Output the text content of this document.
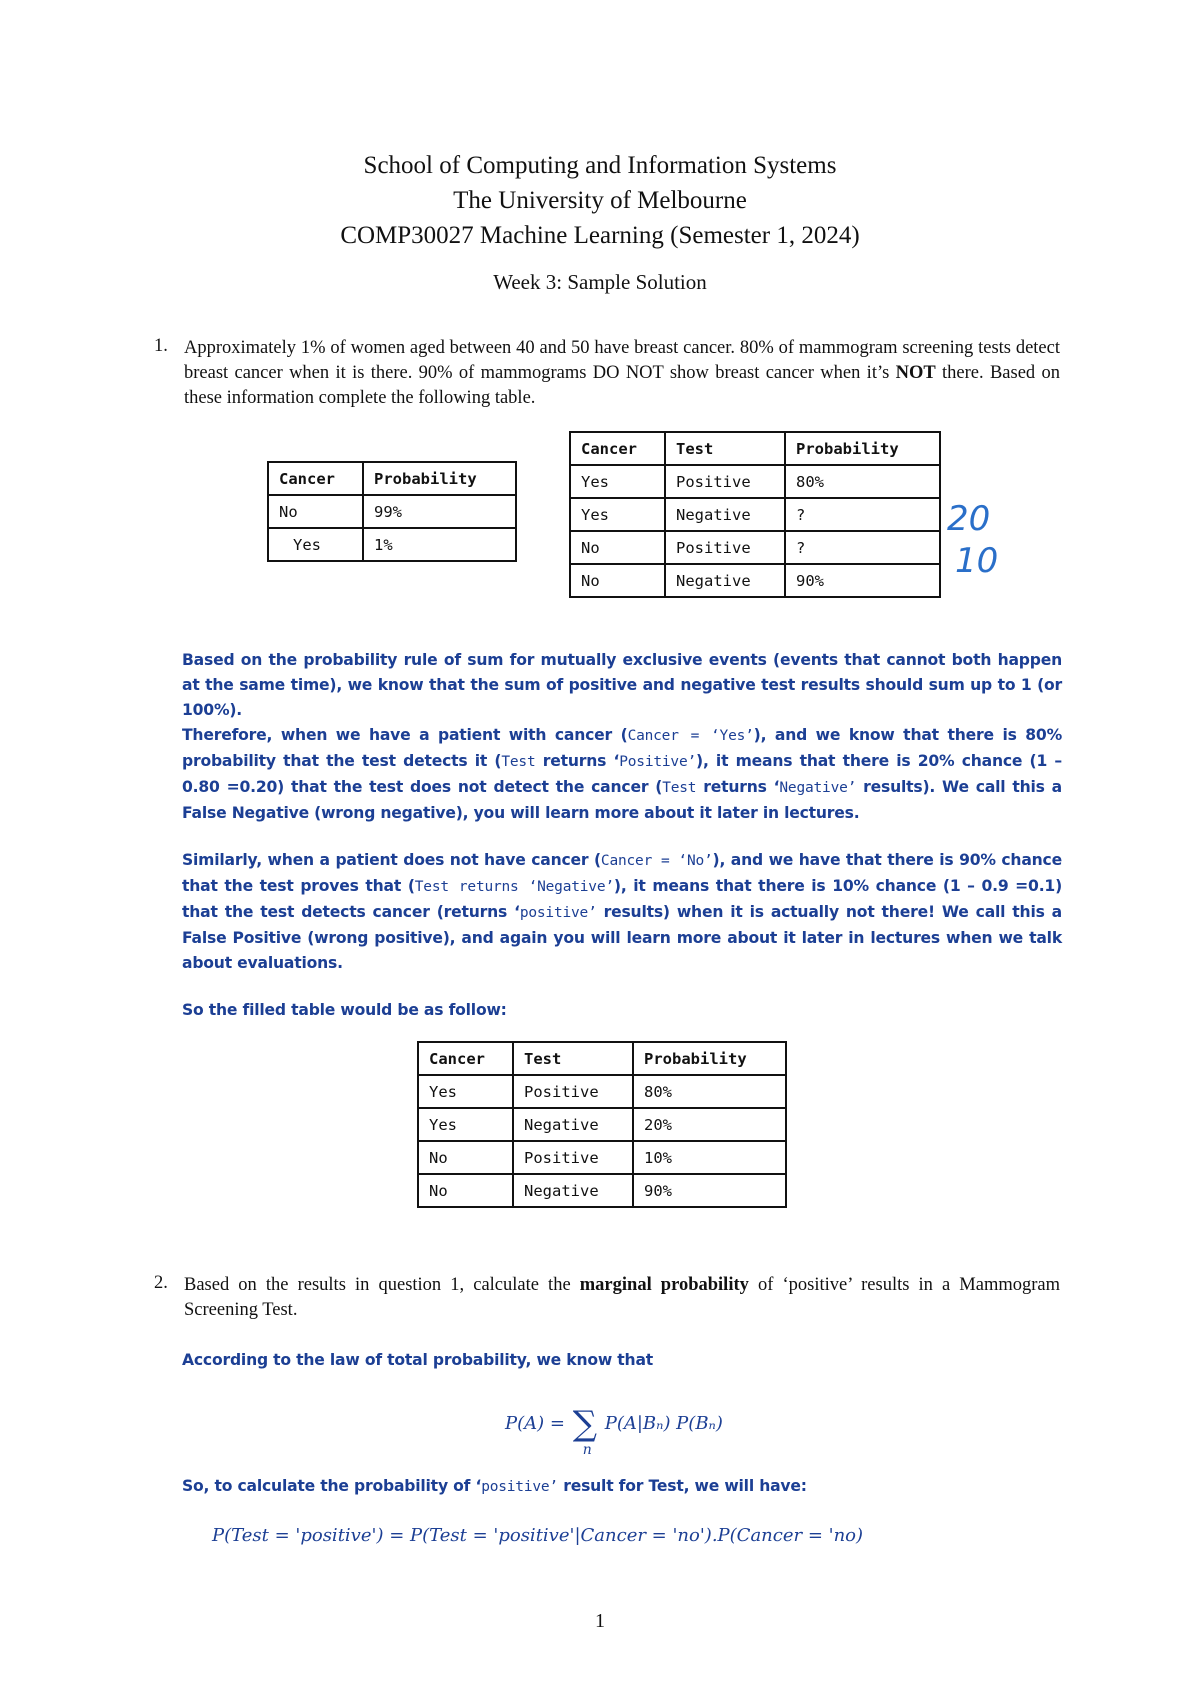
School of Computing and Information Systems
The University of Melbourne
COMP30027 Machine Learning (Semester 1, 2024)
Week 3: Sample Solution
1. Approximately 1% of women aged between 40 and 50 have breast cancer. 80% of mammogram screening tests detect breast cancer when it is there. 90% of mammograms DO NOT show breast cancer when it’s NOT there. Based on these information complete the following table.
Cancer	Probability
No	99%
Yes	1%
Cancer	Test	Probability
Yes	Positive	80%
Yes	Negative	?
No	Positive	?
No	Negative	90%
20
10
Based on the probability rule of sum for mutually exclusive events (events that cannot both happen at the same time), we know that the sum of positive and negative test results should sum up to 1 (or 100%).
Therefore, when we have a patient with cancer (Cancer = ‘Yes’), and we know that there is 80% probability that the test detects it (Test returns ‘Positive’), it means that there is 20% chance (1 – 0.80 =0.20) that the test does not detect the cancer (Test returns ‘Negative’ results). We call this a False Negative (wrong negative), you will learn more about it later in lectures.
Similarly, when a patient does not have cancer (Cancer = ‘No’), and we have that there is 90% chance that the test proves that (Test returns ‘Negative’), it means that there is 10% chance (1 – 0.9 =0.1) that the test detects cancer (returns ‘positive’ results) when it is actually not there! We call this a False Positive (wrong positive), and again you will learn more about it later in lectures when we talk about evaluations.
So the filled table would be as follow:
Cancer	Test	Probability
Yes	Positive	80%
Yes	Negative	20%
No	Positive	10%
No	Negative	90%
2. Based on the results in question 1, calculate the marginal probability of ‘positive’ results in a Mammogram Screening Test.
According to the law of total probability, we know that
P(A) = ∑
n
P(A|Bₙ) P(Bₙ)
So, to calculate the probability of ‘positive’ result for Test, we will have:
P(Test = 'positive') = P(Test = 'positive'|Cancer = 'no').P(Cancer = 'no)
1
